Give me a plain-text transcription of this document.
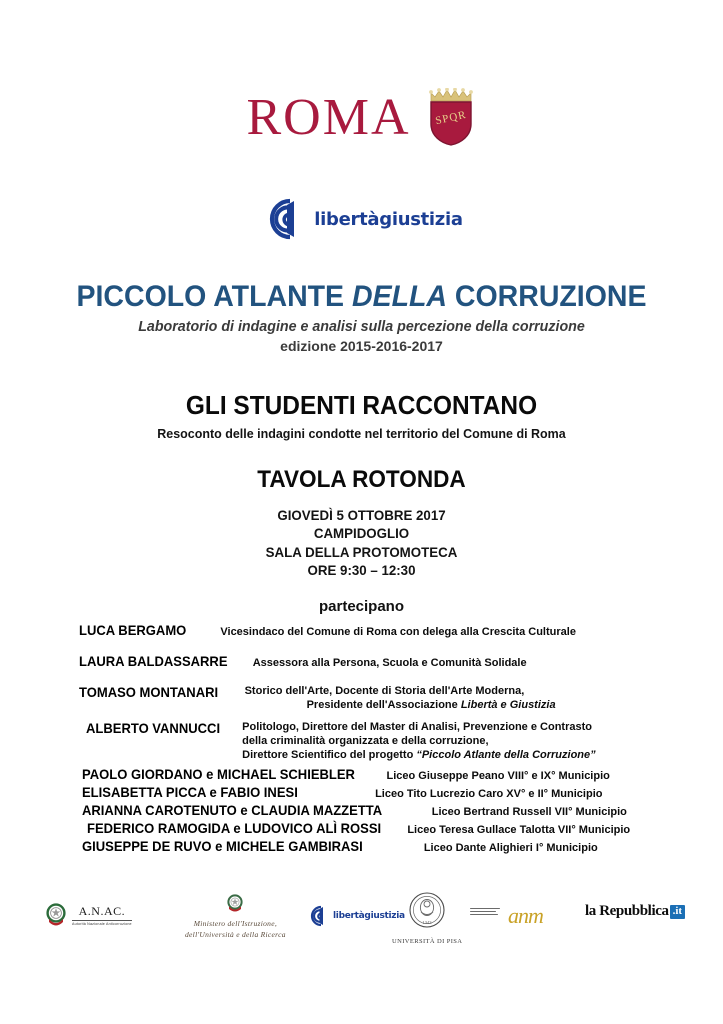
ROMA	SPQR
libertàgiustizia
PICCOLO ATLANTE DELLA CORRUZIONE
Laboratorio di indagine e analisi sulla percezione della corruzione
edizione 2015-2016-2017
GLI STUDENTI RACCONTANO
Resoconto delle indagini condotte nel territorio del Comune di Roma
TAVOLA ROTONDA
GIOVEDÌ 5 OTTOBRE 2017
CAMPIDOGLIO
SALA DELLA PROTOMOTECA
ORE 9:30 – 12:30
partecipano
LUCA BERGAMO	Vicesindaco del Comune di Roma con delega alla Crescita Culturale
LAURA BALDASSARRE Assessora alla Persona, Scuola e Comunità Solidale
TOMASO MONTANARI Storico dell'Arte, Docente di Storia dell'Arte Moderna,
Presidente dell'Associazione Libertà e Giustizia
ALBERTO VANNUCCI Politologo, Direttore del Master di Analisi, Prevenzione e Contrasto
della criminalità organizzata e della corruzione,
Direttore Scientifico del progetto “Piccolo Atlante della Corruzione”
PAOLO GIORDANO e MICHAEL SCHIEBLER	Liceo Giuseppe Peano VIII° e IX° Municipio
ELISABETTA PICCA e FABIO INESI	Liceo Tito Lucrezio Caro XV° e II° Municipio
ARIANNA CAROTENUTO e CLAUDIA MAZZETTA	Liceo Bertrand Russell VII° Municipio
FEDERICO RAMOGIDA e LUDOVICO ALÌ ROSSI Liceo Teresa Gullace Talotta VII° Municipio
GIUSEPPE DE RUVO e MICHELE GAMBIRASI	Liceo Dante Alighieri I° Municipio
A.N.AC.
Autorità Nazionale Anticorruzione	Ministero dell'Istruzione,
dell'Università e della Ricerca
libertàgiustizia
1343
UNIVERSITÀ DI PISA
anm	la Repubblica .it
